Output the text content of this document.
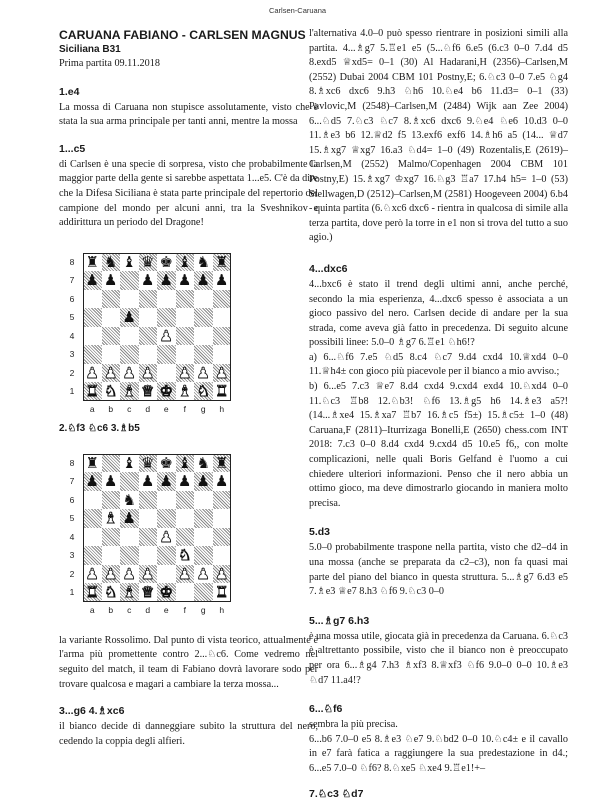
Carlsen-Caruana

CARUANA FABIANO - CARLSEN MAGNUS

Siciliana B31

Prima partita 09.11.2018

1.e4

La mossa di Caruana non stupisce assolutamente, visto che è stata la sua arma principale per tanti anni, mentre la mossa

1...c5

di Carlsen è una specie di sorpresa, visto che probabilmente la maggior parte della gente si sarebbe aspettata 1...e5. C'è da dire che la Difesa Siciliana è stata parte principale del repertorio del campione del mondo per alcuni anni, tra la Sveshnikov e addirittura un periodo del Dragone!

8 ♜ ♞ ♝ ♛ ♚ ♝ ♞ ♜
7 ♟ ♟ ♟ ♟ ♟ ♟ ♟
6
5	♟
4	♟
3
2 ♟ ♟ ♟ ♟ ♟ ♟ ♟
1 ♜ ♞ ♝ ♛ ♚ ♝ ♞ ♜
a	b	c	d	e	f	g	h

2.♘f3 ♘c6 3.♗b5

8 ♜ ♝ ♛ ♚ ♝ ♞ ♜
7 ♟ ♟ ♟ ♟ ♟ ♟ ♟
6	♞
5 ♝ ♟
4	♟
3	♞
2 ♟ ♟ ♟ ♟ ♟ ♟ ♟
1 ♜ ♞ ♝ ♛ ♚	♜
a	b	c	d	e	f	g	h

la variante Rossolimo. Dal punto di vista teorico, attualmente è l'arma più promettente contro 2...♘c6. Come vedremo nel seguito del match, il team di Fabiano dovrà lavorare sodo per trovare qualcosa e magari a cambiare la terza mossa...

3...g6 4.♗xc6

il bianco decide di danneggiare subito la struttura del nero, cedendo la coppia degli alfieri.

l'alternativa 4.0–0 può spesso rientrare in posizioni simili alla partita. 4...♗g7 5.♖e1 e5 (5...♘f6 6.e5 (6.c3 0–0 7.d4 d5 8.exd5 ♕xd5= 0–1 (30) Al Hadarani,H (2356)–Carlsen,M (2552) Dubai 2004 CBM 101 Postny,E; 6.♘c3 0–0 7.e5 ♘g4 8.♗xc6 dxc6 9.h3 ♘h6 10.♘e4 b6 11.d3= 0–1 (33) Pavlovic,M (2548)–Carlsen,M (2484) Wijk aan Zee 2004) 6...♘d5 7.♘c3 ♘c7 8.♗xc6 dxc6 9.♘e4 ♘e6 10.d3 0–0 11.♗e3 b6 12.♕d2 f5 13.exf6 exf6 14.♗h6 a5 (14... ♕d7 15.♗xg7 ♕xg7 16.a3 ♘d4= 1–0 (49) Rozentalis,E (2619)–Carlsen,M (2552) Malmo/Copenhagen 2004 CBM 101 Postny,E) 15.♗xg7 ♔xg7 16.♘g3 ♖a7 17.h4 h5= 1–0 (53) Stellwagen,D (2512)–Carlsen,M (2581) Hoogeveen 2004) 6.b4 - quinta partita (6.♘xc6 dxc6 - rientra in qualcosa di simile alla terza partita, dove però la torre in e1 non si trova del tutto a suo agio.)

4...dxc6

4...bxc6 è stato il trend degli ultimi anni, anche perché, secondo la mia esperienza, 4...dxc6 spesso è associata a un gioco passivo del nero. Carlsen decide di andare per la sua strada, come aveva già fatto in precedenza. Di seguito alcune possibili linee: 5.0–0 ♗g7 6.♖e1 ♘h6!?

a) 6...♘f6 7.e5 ♘d5 8.c4 ♘c7 9.d4 cxd4 10.♕xd4 0–0 11.♕h4± con gioco più piacevole per il bianco a mio avviso.;

b) 6...e5 7.c3 ♕e7 8.d4 cxd4 9.cxd4 exd4 10.♘xd4 0–0 11.♘c3 ♖b8 12.♘b3! ♘f6 13.♗g5 h6 14.♗e3 a5?! (14...♗xe4 15.♗xa7 ♖b7 16.♗c5 f5±) 15.♗c5± 1–0 (48) Caruana,F (2811)–Iturrizaga Bonelli,E (2650) chess.com INT 2018: 7.c3 0–0 8.d4 cxd4 9.cxd4 d5 10.e5 f6,, con molte complicazioni, nelle quali Boris Gelfand è l'uomo a cui chiedere ulteriori informazioni. Penso che il nero abbia un ottimo gioco, ma deve dimostrarlo giocando in maniera molto precisa.

5.d3

5.0–0 probabilmente traspone nella partita, visto che d2–d4 in una mossa (anche se preparata da c2–c3), non fa quasi mai parte del piano del bianco in questa struttura. 5...♗g7 6.d3 e5 7.♗e3 ♕e7 8.h3 ♘f6 9.♘c3 0–0

5...♗g7 6.h3

è una mossa utile, giocata già in precedenza da Caruana. 6.♘c3 è altrettanto possibile, visto che il bianco non è preoccupato per ora 6...♗g4 7.h3 ♗xf3 8.♕xf3 ♘f6 9.0–0 0–0 10.♗e3 ♘d7 11.a4!?

6...♘f6

sembra la più precisa.

6...b6 7.0–0 e5 8.♗e3 ♘e7 9.♘bd2 0–0 10.♘c4± e il cavallo in e7 farà fatica a raggiungere la sua predestazione in d4.; 6...e5 7.0–0 ♘f6? 8.♘xe5 ♘xe4 9.♖e1!+–

7.♘c3 ♘d7
